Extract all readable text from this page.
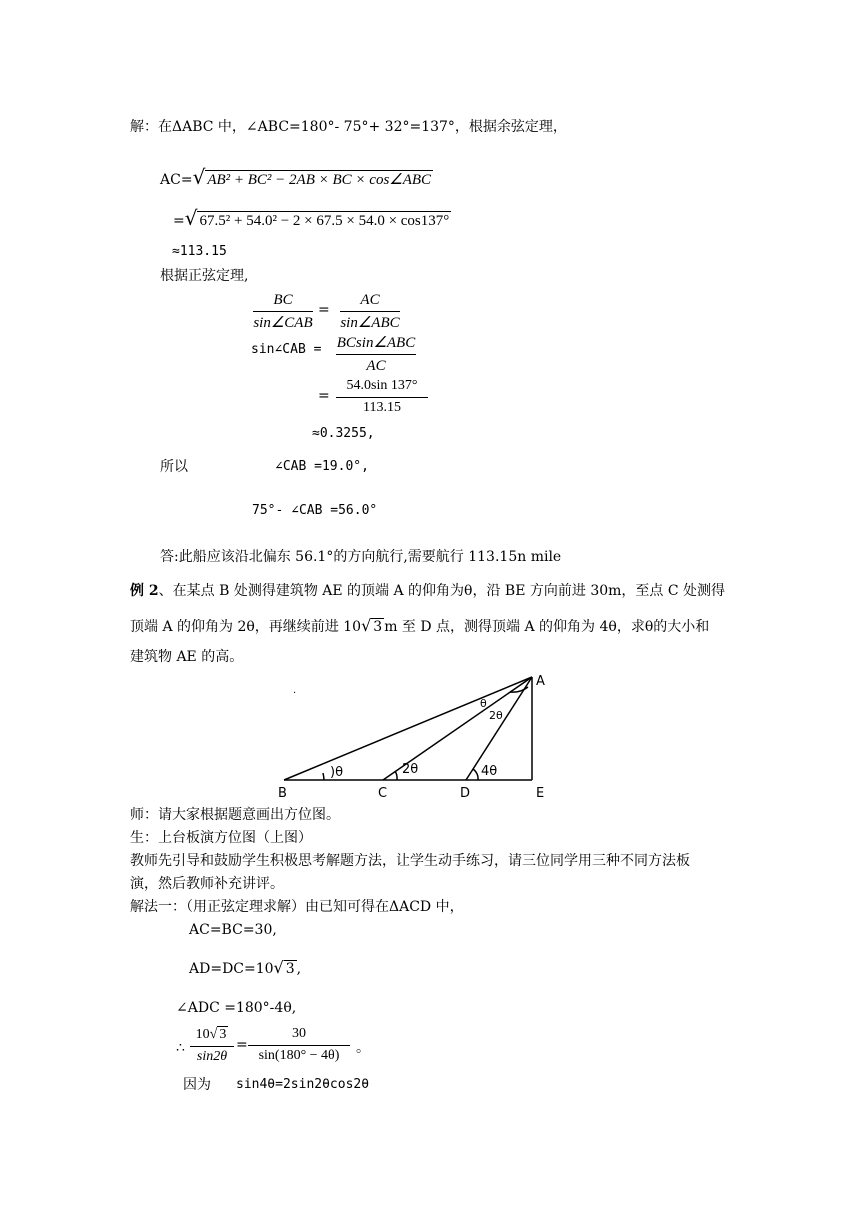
解：在ΔABC 中，∠ABC=180°- 75°+ 32°=137°，根据余弦定理，
AC=√ AB² + BC² − 2AB × BC × cos∠ABC
=√ 67.5² + 54.0² − 2 × 67.5 × 54.0 × cos137°
≈113.15
根据正弦定理,
BC
sin∠CAB
=
AC
sin∠ABC
sin∠CAB = BCsin∠ABC
AC
=
54.0sin 137°
113.15
≈0.3255,
所以	∠CAB =19.0°,
75°- ∠CAB =56.0°
答:此船应该沿北偏东 56.1°的方向航行,需要航行 113.15n mile
例 2、在某点 B 处测得建筑物 AE 的顶端 A 的仰角为θ，沿 BE 方向前进 30m，至点 C 处测得
顶端 A 的仰角为 2θ，再继续前进 10√ 3 m 至 D 点，测得顶端 A 的仰角为 4θ，求θ的大小和
建筑物 AE 的高。
A
B	C	D	E
)θ	2θ	4θ
θ
2θ
.
师：请大家根据题意画出方位图。
生：上台板演方位图（上图）
教师先引导和鼓励学生积极思考解题方法，让学生动手练习，请三位同学用三种不同方法板
演，然后教师补充讲评。
解法一：（用正弦定理求解）由已知可得在ΔACD 中，
AC=BC=30,
AD=DC=10√ 3 ,
∠ADC =180°-4θ,
∴
10√ 3
sin2θ
=
30
sin(180° − 4θ)	。
因为 sin4θ=2sin2θcos2θ
